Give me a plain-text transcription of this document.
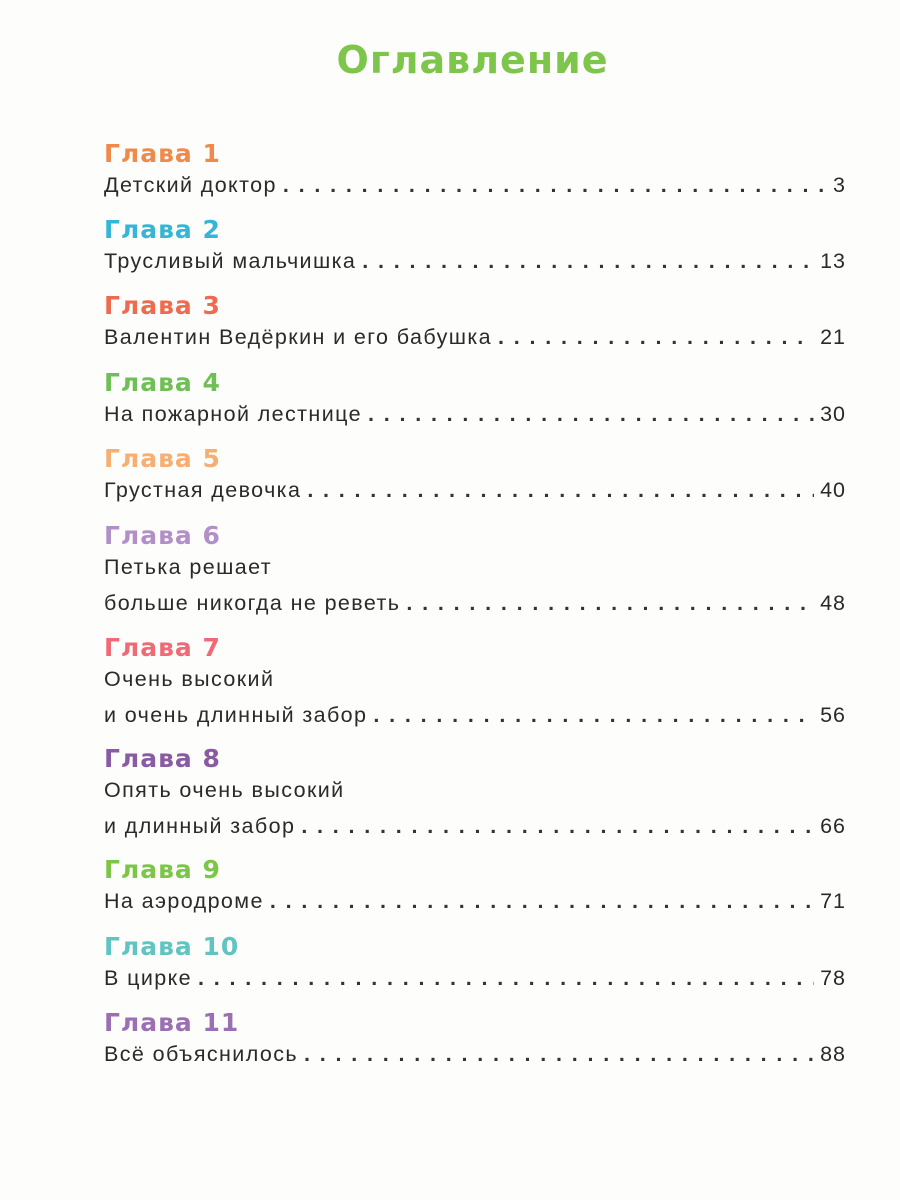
Оглавление
Глава 1
Детский доктор . . .	3
Глава 2
Трусливый мальчишка . . .	13
Глава 3
Валентин Ведёркин и его бабушка . . .	21
Глава 4
На пожарной лестнице . . .	30
Глава 5
Грустная девочка . . .	40
Глава 6
Петька решает
больше никогда не реветь . . .	48
Глава 7
Очень высокий
и очень длинный забор . . .	56
Глава 8
Опять очень высокий
и длинный забор . . .	66
Глава 9
На аэродроме . . .	71
Глава 10
В цирке . . .	78
Глава 11
Всё объяснилось . . .	88
